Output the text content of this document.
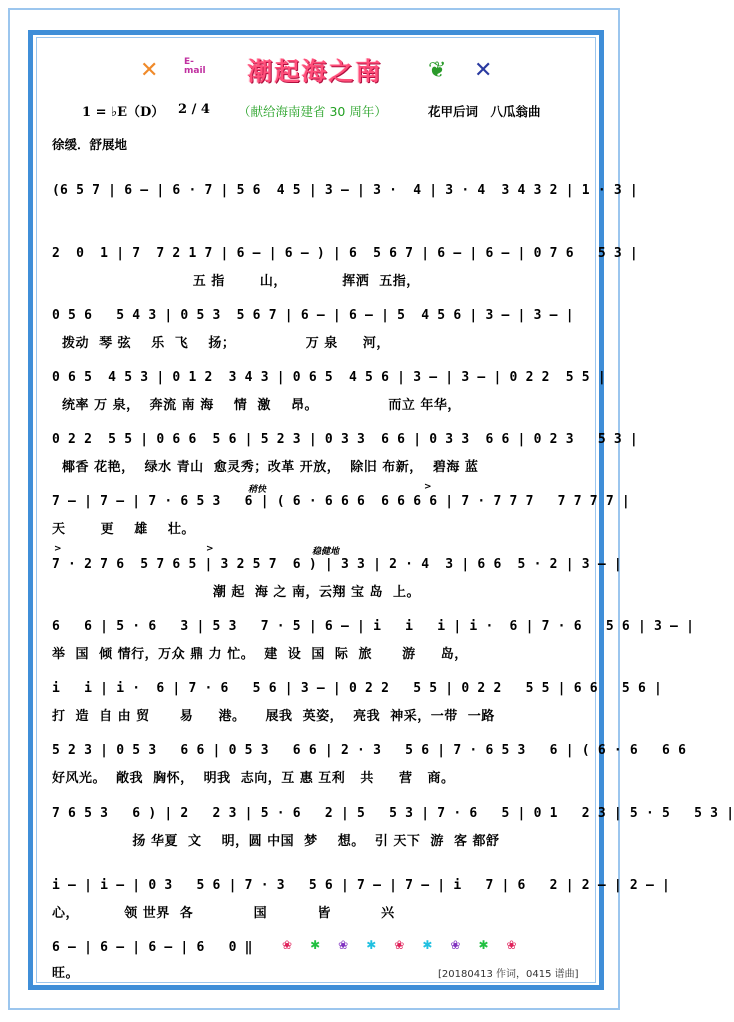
✕	E-mail	潮起海之南	❦	✕
1 = ♭E（D） 2 / 4 （献给海南建省 30 周年）	花甲后词　八瓜翁曲
徐缓．舒展地
(6 5 7 | 6 — | 6 · 7 | 5 6  4 5 | 3 — | 3 ·  4 | 3 · 4  3 4 3 2 | 1 · 3 |
2  0  1 | 7  7 2 1 7 | 6 — | 6 — ) | 6  5 6 7 | 6 — | 6 — | 0 7 6   5 3 |
五 指       山，           挥洒  五指，
0 5 6   5 4 3 | 0 5 3  5 6 7 | 6 — | 6 — | 5  4 5 6 | 3 — | 3 — |
拨动  琴 弦    乐  飞    扬；              万 泉     河，
0 6 5  4 5 3 | 0 1 2  3 4 3 | 0 6 5  4 5 6 | 3 — | 3 — | 0 2 2  5 5 |
统率 万 泉，  奔流 南 海    情  激    昂。              而立 年华，
0 2 2  5 5 | 0 6 6  5 6 | 5 2 3 | 0 3 3  6 6 | 0 3 3  6 6 | 0 2 3   5 3 |
椰香 花艳，  绿水 青山  愈灵秀；改革 开放，  除旧 布新，  碧海 蓝
稍快	>
7 — | 7 — | 7 · 6 5 3   6 | ( 6 · 6 6 6  6 6 6 6 | 7 · 7 7 7   7 7 7 7 |
天       更    雄    壮。
>	>	稳健地
7 · 2 7 6  5 7 6 5 | 3 2 5 7  6 ) | 3 3 | 2 · 4  3 | 6 6  5 · 2 | 3 — |
潮 起  海 之 南，云翔 宝 岛  上。
6   6 | 5 · 6   3 | 5 3   7 · 5 | 6 — | i   i   i | i ·  6 | 7 · 6   5 6 | 3 — |
举  国  倾 情行，万众 鼎 力 忙。  建  设  国  际  旅      游     岛，
i   i | i ·  6 | 7 · 6   5 6 | 3 — | 0 2 2   5 5 | 0 2 2   5 5 | 6 6   5 6 |
打  造  自 由 贸      易     港。    展我  英姿，  亮我  神采，一带  一路
5 2 3 | 0 5 3   6 6 | 0 5 3   6 6 | 2 · 3   5 6 | 7 · 6 5 3   6 | ( 6 · 6   6 6
好风光。  敞我  胸怀，  明我  志向，互 惠 互利   共     营   商。
7 6 5 3   6 ) | 2   2 3 | 5 · 6   2 | 5   5 3 | 7 · 6   5 | 0 1   2 3 | 5 · 5   5 3 |
扬 华夏  文    明，圆 中国  梦    想。  引 天下  游  客 都舒
i — | i — | 0 3   5 6 | 7 · 3   5 6 | 7 — | 7 — | i   7 | 6   2 | 2 — | 2 — |
心，         领 世界  各            国          皆          兴
6 — | 6 — | 6 — | 6   0 ‖
旺。
❀✱❀✱❀✱❀✱❀
[20180413 作词，0415 谱曲]
